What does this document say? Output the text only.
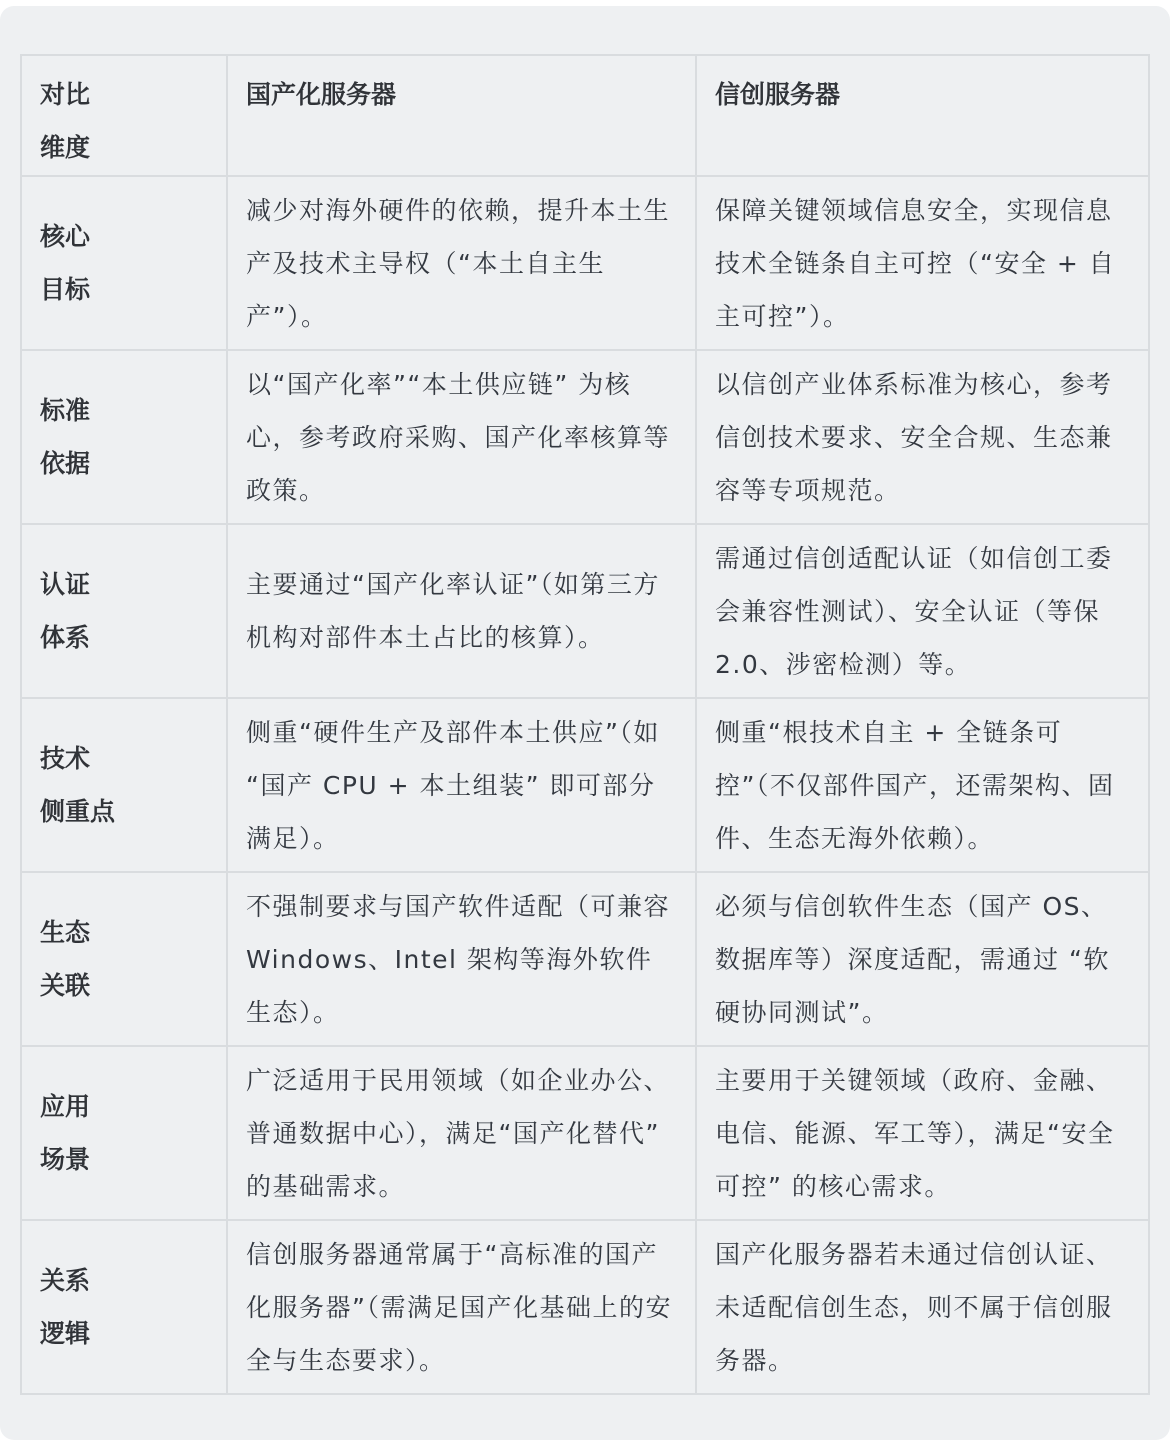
对比
维度	国产化服务器	信创服务器

核心
目标	减少对海外硬件的依赖，提升本土生产及技术主导权（“本土自主生产”）。	保障关键领域信息安全，实现信息技术全链条自主可控（“安全 + 自主可控”）。

标准
依据	以“国产化率”“本土供应链” 为核心，参考政府采购、国产化率核算等政策。	以信创产业体系标准为核心，参考信创技术要求、安全合规、生态兼容等专项规范。

认证
体系	主要通过“国产化率认证”（如第三方机构对部件本土占比的核算）。	需通过信创适配认证（如信创工委会兼容性测试）、安全认证（等保 2.0、涉密检测）等。

技术
侧重点	侧重“硬件生产及部件本土供应”（如 “国产 CPU + 本土组装” 即可部分满足）。	侧重“根技术自主 + 全链条可控”（不仅部件国产，还需架构、固件、生态无海外依赖）。

生态
关联	不强制要求与国产软件适配（可兼容 Windows、Intel 架构等海外软件生态）。	必须与信创软件生态（国产 OS、数据库等）深度适配，需通过 “软硬协同测试”。

应用
场景	广泛适用于民用领域（如企业办公、普通数据中心），满足“国产化替代” 的基础需求。	主要用于关键领域（政府、金融、电信、能源、军工等），满足“安全可控” 的核心需求。

关系
逻辑	信创服务器通常属于“高标准的国产化服务器”（需满足国产化基础上的安全与生态要求）。	国产化服务器若未通过信创认证、未适配信创生态，则不属于信创服务器。
